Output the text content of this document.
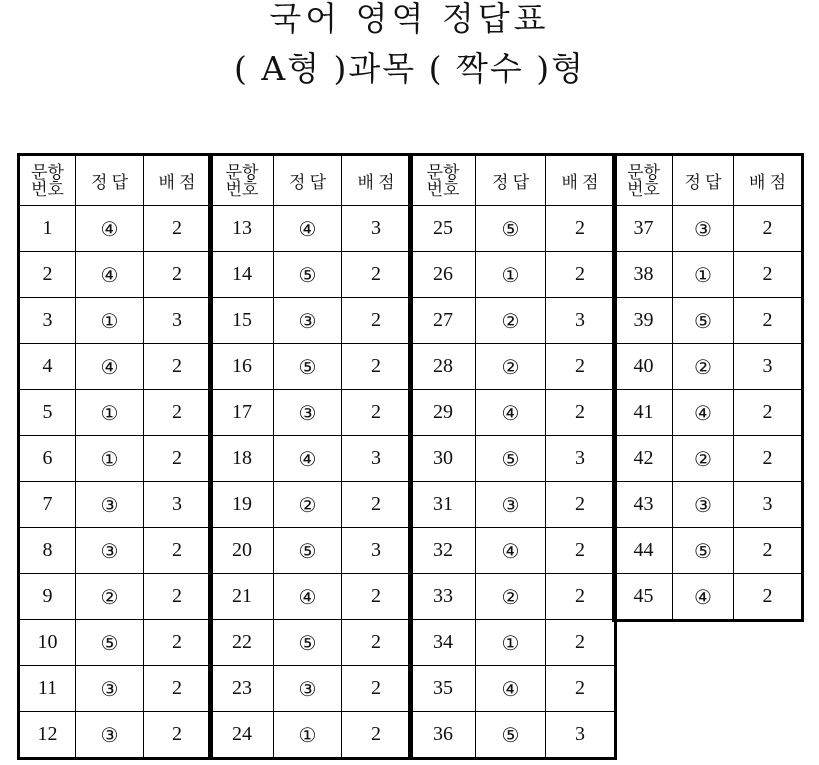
국어 영역 정답표
( A형 )과목 ( 짝수 )형
문항
번호	정 답	배 점
1	④	2
2	④	2
3	①	3
4	④	2
5	①	2
6	①	2
7	③	3
8	③	2
9	②	2
10	⑤	2
11	③	2
12	③	2
문항
번호	정 답	배 점
13	④	3
14	⑤	2
15	③	2
16	⑤	2
17	③	2
18	④	3
19	②	2
20	⑤	3
21	④	2
22	⑤	2
23	③	2
24	①	2
문항
번호	정 답	배 점
25	⑤	2
26	①	2
27	②	3
28	②	2
29	④	2
30	⑤	3
31	③	2
32	④	2
33	②	2
34	①	2
35	④	2
36	⑤	3
문항
번호	정 답	배 점
37	③	2
38	①	2
39	⑤	2
40	②	3
41	④	2
42	②	2
43	③	3
44	⑤	2
45	④	2
